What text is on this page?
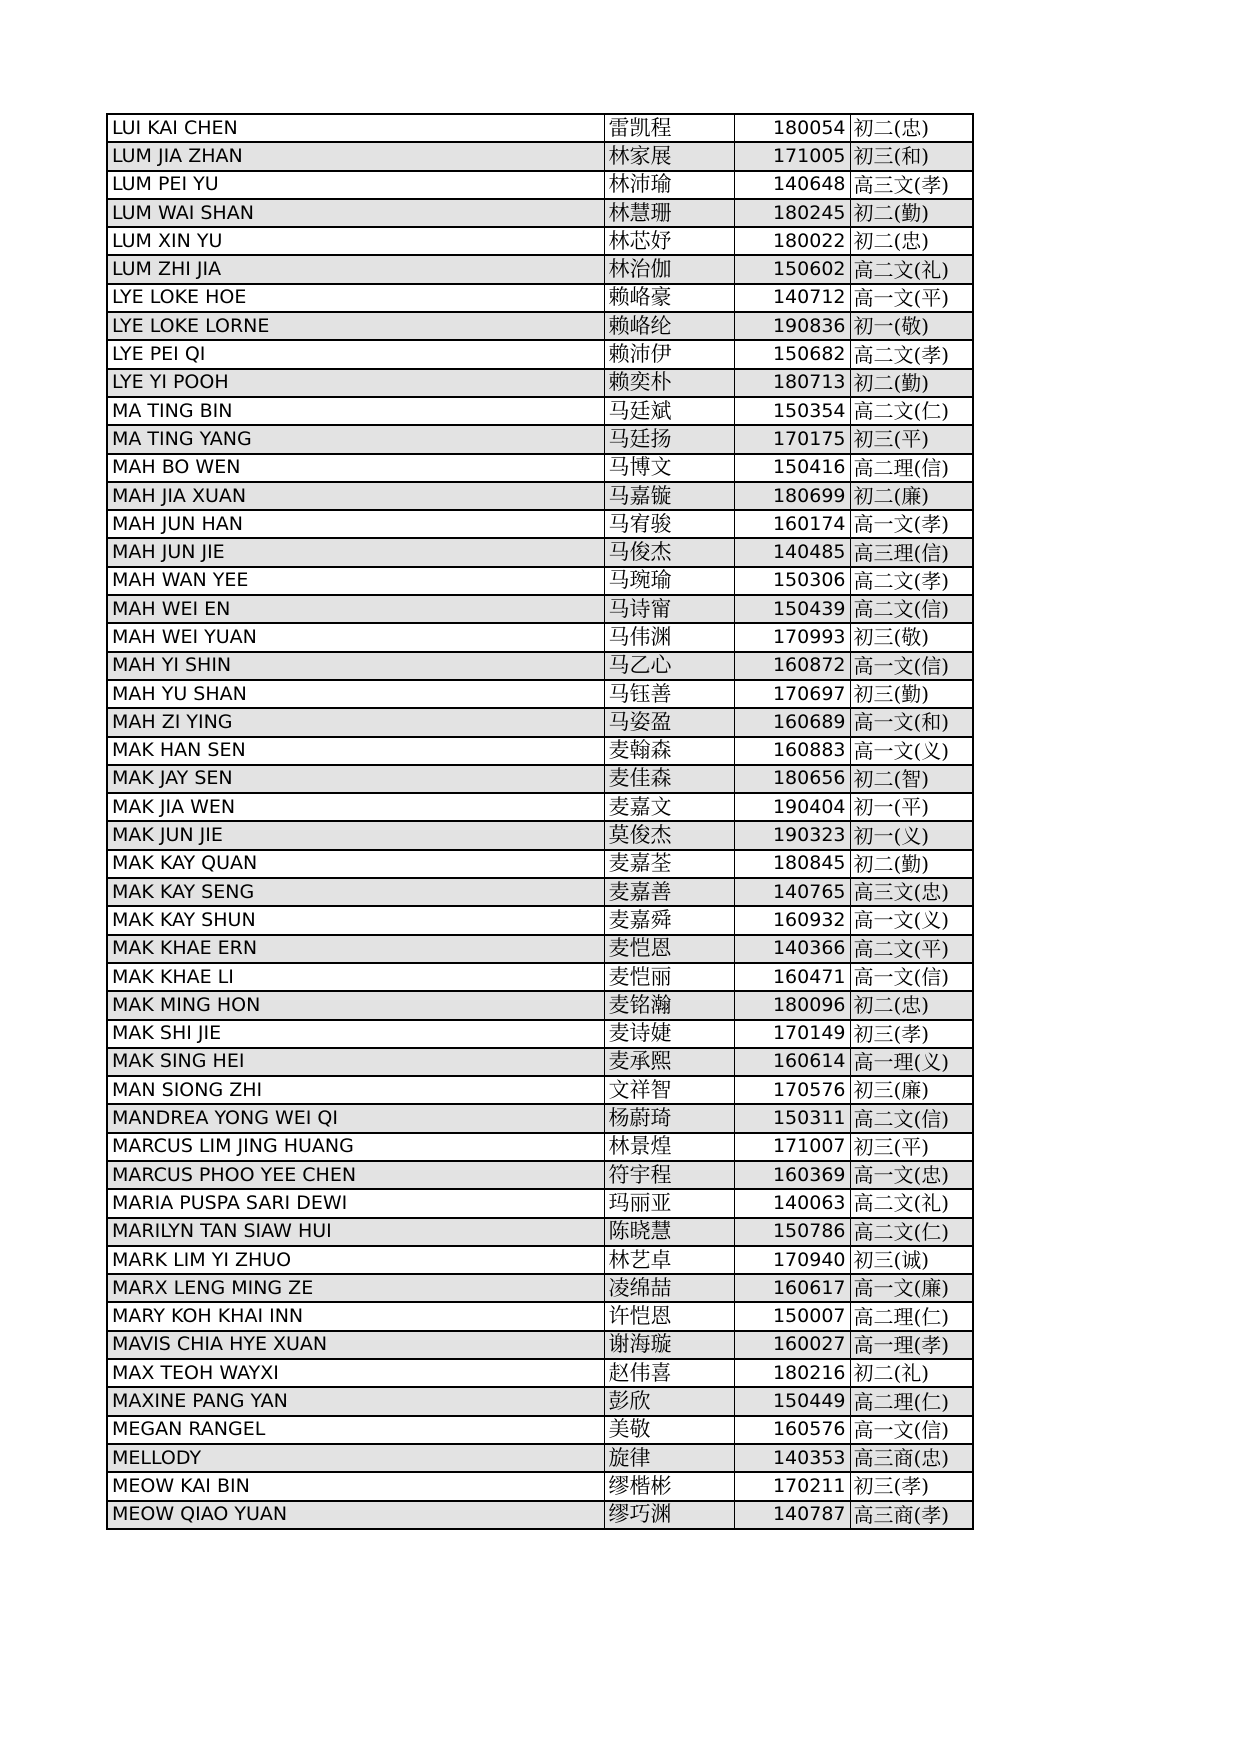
LUI KAI CHEN	雷凯程	180054	初二(忠)
LUM JIA ZHAN	林家展	171005	初三(和)
LUM PEI YU	林沛瑜	140648	高三文(孝)
LUM WAI SHAN	林慧珊	180245	初二(勤)
LUM XIN YU	林芯妤	180022	初二(忠)
LUM ZHI JIA	林治伽	150602	高二文(礼)
LYE LOKE HOE	赖峈豪	140712	高一文(平)
LYE LOKE LORNE	赖峈纶	190836	初一(敬)
LYE PEI QI	赖沛伊	150682	高二文(孝)
LYE YI POOH	赖奕朴	180713	初二(勤)
MA TING BIN	马廷斌	150354	高二文(仁)
MA TING YANG	马廷扬	170175	初三(平)
MAH BO WEN	马博文	150416	高二理(信)
MAH JIA XUAN	马嘉镟	180699	初二(廉)
MAH JUN HAN	马宥骏	160174	高一文(孝)
MAH JUN JIE	马俊杰	140485	高三理(信)
MAH WAN YEE	马琬瑜	150306	高二文(孝)
MAH WEI EN	马诗甯	150439	高二文(信)
MAH WEI YUAN	马伟渊	170993	初三(敬)
MAH YI SHIN	马乙心	160872	高一文(信)
MAH YU SHAN	马钰善	170697	初三(勤)
MAH ZI YING	马姿盈	160689	高一文(和)
MAK HAN SEN	麦翰森	160883	高一文(义)
MAK JAY SEN	麦佳森	180656	初二(智)
MAK JIA WEN	麦嘉文	190404	初一(平)
MAK JUN JIE	莫俊杰	190323	初一(义)
MAK KAY QUAN	麦嘉荃	180845	初二(勤)
MAK KAY SENG	麦嘉善	140765	高三文(忠)
MAK KAY SHUN	麦嘉舜	160932	高一文(义)
MAK KHAE ERN	麦恺恩	140366	高二文(平)
MAK KHAE LI	麦恺丽	160471	高一文(信)
MAK MING HON	麦铭瀚	180096	初二(忠)
MAK SHI JIE	麦诗婕	170149	初三(孝)
MAK SING HEI	麦承熙	160614	高一理(义)
MAN SIONG ZHI	文祥智	170576	初三(廉)
MANDREA YONG WEI QI	杨蔚琦	150311	高二文(信)
MARCUS LIM JING HUANG	林景煌	171007	初三(平)
MARCUS PHOO YEE CHEN	符宇程	160369	高一文(忠)
MARIA PUSPA SARI DEWI	玛丽亚	140063	高二文(礼)
MARILYN TAN SIAW HUI	陈晓慧	150786	高二文(仁)
MARK LIM YI ZHUO	林艺卓	170940	初三(诚)
MARX LENG MING ZE	凌绵喆	160617	高一文(廉)
MARY KOH KHAI INN	许恺恩	150007	高二理(仁)
MAVIS CHIA HYE XUAN	谢海璇	160027	高一理(孝)
MAX TEOH WAYXI	赵伟喜	180216	初二(礼)
MAXINE PANG YAN	彭欣	150449	高二理(仁)
MEGAN RANGEL	美敬	160576	高一文(信)
MELLODY	旋律	140353	高三商(忠)
MEOW KAI BIN	缪楷彬	170211	初三(孝)
MEOW QIAO YUAN	缪巧渊	140787	高三商(孝)
